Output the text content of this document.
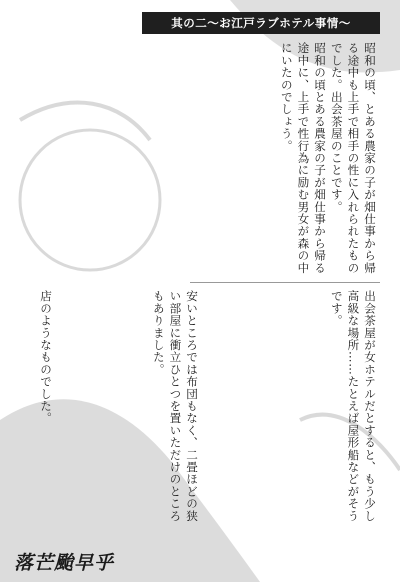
其の二〜お江戸ラブホテル事情〜
昭和の頃、とある農家の子が畑仕事から帰る途中も上手で相手の性に入れられたものでした。出会茶屋のことです。
昭和の頃とある農家の子が畑仕事から帰る途中に、上手で性行為に励む男女が森の中にいたのでしょう。
出会茶屋が女ホテルだとすると、もう少し高級な場所……たとえば屋形船などがそうです。
安いところでは布団もなく、二畳ほどの狭い部屋に衝立ひとつを置いただけのところもありました。
店のようなものでした。
落芒颱早乎
